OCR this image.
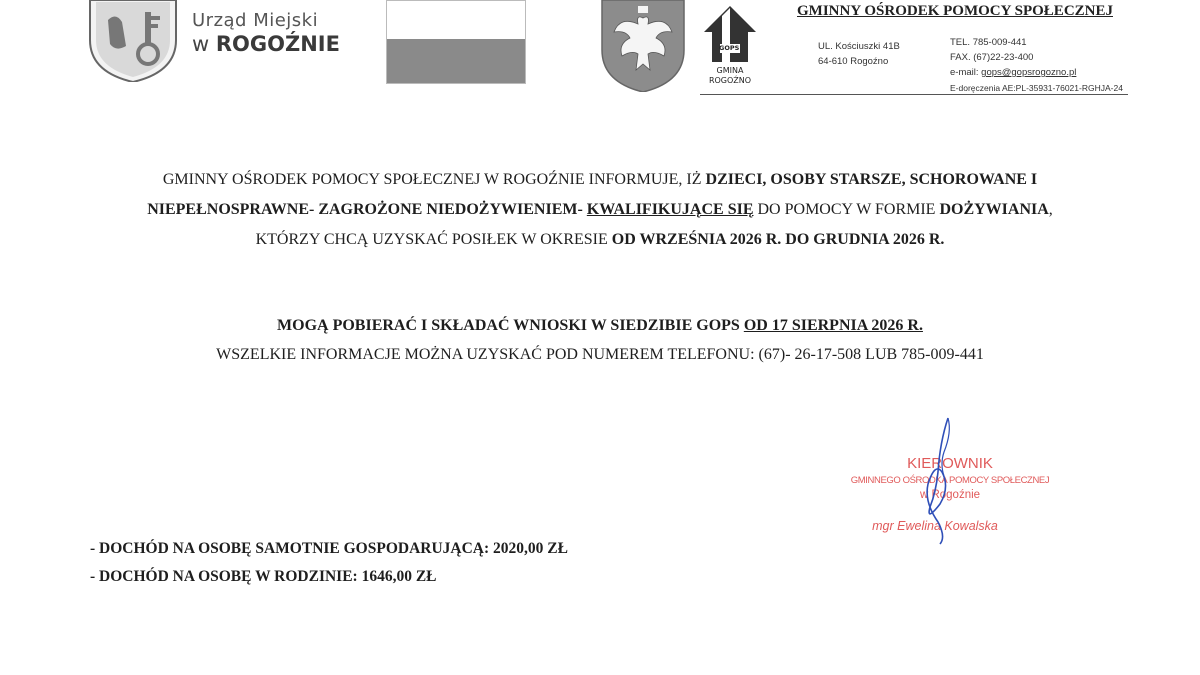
Urząd Miejski
w ROGOŹNIE	GOPS
GMINA
ROGOŹNO
GMINNY OŚRODEK POMOCY SPOŁECZNEJ
UL. Kościuszki 41B
64-610 Rogoźno
TEL. 785-009-441
FAX. (67)22-23-400
e-mail: gops@gopsrogozno.pl
E-doręczenia AE:PL-35931-76021-RGHJA-24
GMINNY OŚRODEK POMOCY SPOŁECZNEJ W ROGOŹNIE INFORMUJE, IŻ DZIECI, OSOBY STARSZE, SCHOROWANE I
NIEPEŁNOSPRAWNE- ZAGROŻONE NIEDOŻYWIENIEM- KWALIFIKUJĄCE SIĘ DO POMOCY W FORMIE DOŻYWIANIA,
KTÓRZY CHCĄ UZYSKAĆ POSIŁEK W OKRESIE OD WRZEŚNIA 2026 R. DO GRUDNIA 2026 R.
MOGĄ POBIERAĆ I SKŁADAĆ WNIOSKI W SIEDZIBIE GOPS OD 17 SIERPNIA 2026 R.
WSZELKIE INFORMACJE MOŻNA UZYSKAĆ POD NUMEREM TELEFONU: (67)- 26-17-508 LUB 785-009-441
KIEROWNIK
GMINNEGO OŚRODKA POMOCY SPOŁECZNEJ
w Rogoźnie
mgr Ewelina Kowalska
- DOCHÓD NA OSOBĘ SAMOTNIE GOSPODARUJĄCĄ: 2020,00 ZŁ
- DOCHÓD NA OSOBĘ W RODZINIE: 1646,00 ZŁ
